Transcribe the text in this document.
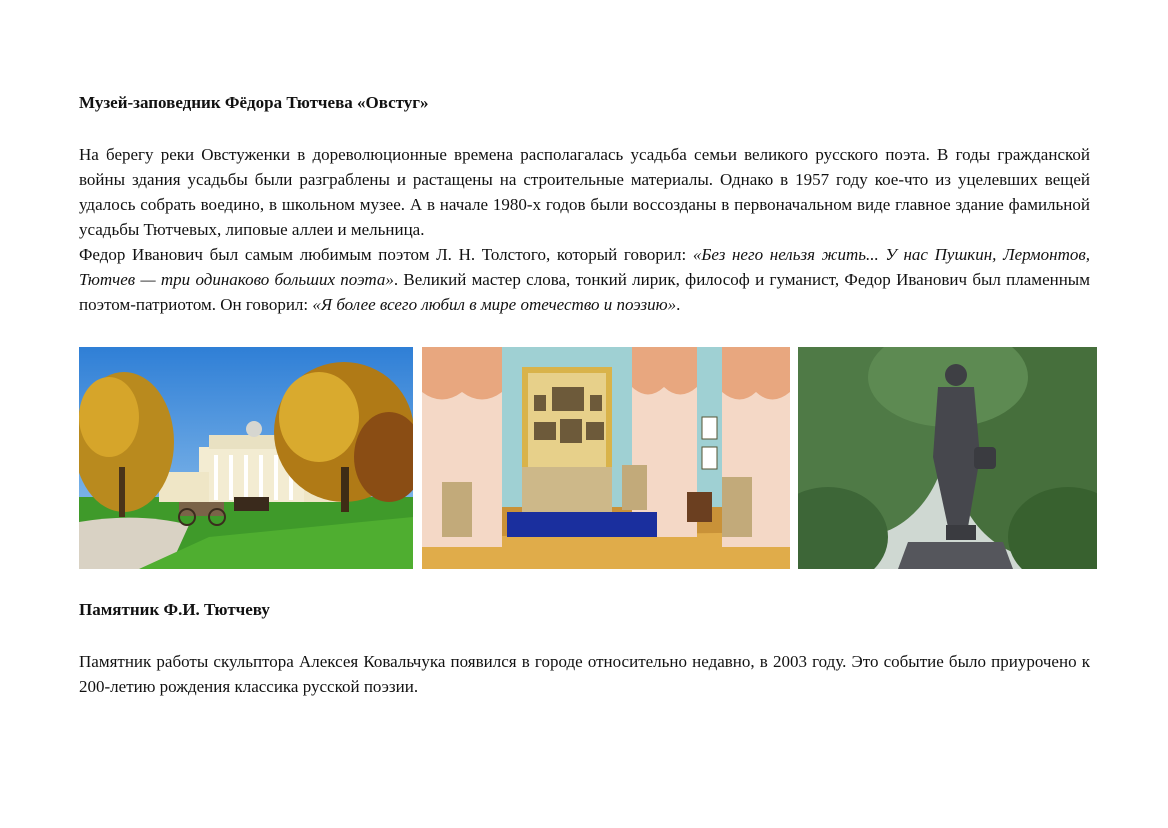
Музей-заповедник Фёдора Тютчева «Овстуг»

На берегу реки Овстуженки в дореволюционные времена располагалась усадьба семьи великого русского поэта. В годы гражданской войны здания усадьбы были разграблены и растащены на строительные материалы. Однако в 1957 году кое-что из уцелевших вещей удалось собрать воедино, в школьном музее. А в начале 1980-х годов были воссозданы в первоначальном виде главное здание фамильной усадьбы Тютчевых, липовые аллеи и мельница.

Федор Иванович был самым любимым поэтом Л. Н. Толстого, который говорил: «Без него нельзя жить... У нас Пушкин, Лермонтов, Тютчев — три одинаково больших поэта». Великий мастер слова, тонкий лирик, философ и гуманист, Федор Иванович был пламенным поэтом-патриотом. Он говорил: «Я более всего любил в мире отечество и поэзию».

Памятник Ф.И. Тютчеву

Памятник работы скульптора Алексея Ковальчука появился в городе относительно недавно, в 2003 году. Это событие было приурочено к 200-летию рождения классика русской поэзии.
